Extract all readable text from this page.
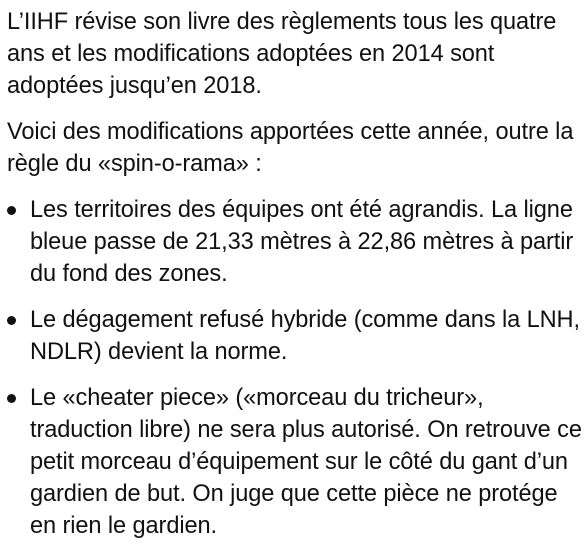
L’IIHF révise son livre des règlements tous les quatre ans et les modifications adoptées en 2014 sont adoptées jusqu’en 2018.

Voici des modifications apportées cette année, outre la règle du «spin-o-rama» :

Les territoires des équipes ont été agrandis. La ligne bleue passe de 21,33 mètres à 22,86 mètres à partir du fond des zones.
Le dégagement refusé hybride (comme dans la LNH, NDLR) devient la norme.
Le «cheater piece» («morceau du tricheur», traduction libre) ne sera plus autorisé. On retrouve ce petit morceau d’équipement sur le côté du gant d’un gardien de but. On juge que cette pièce ne protége en rien le gardien.
